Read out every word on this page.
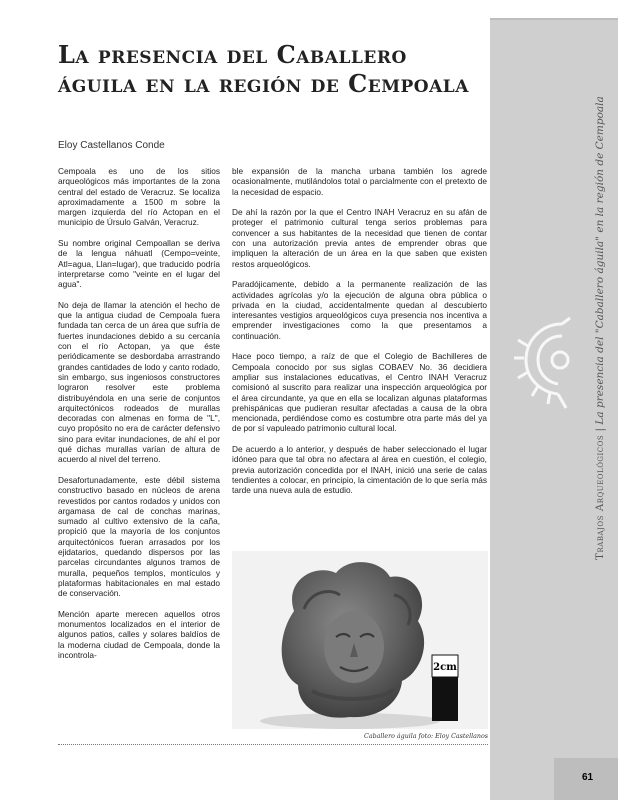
Trabajos Arqueológicos | La presencia del "Caballero águila" en la región de Cempoala
La presencia del Caballero águila en la región de Cempoala
Eloy Castellanos Conde

Cempoala es uno de los sitios arqueológicos más importantes de la zona central del estado de Veracruz. Se localiza aproximadamente a 1500 m sobre la margen izquierda del río Actopan en el municipio de Úrsulo Galván, Veracruz.

Su nombre original Cempoallan se deriva de la lengua náhuatl (Cempo=veinte, Atl=agua, Llan=lugar), que traducido podría interpretarse como "veinte en el lugar del agua".

No deja de llamar la atención el hecho de que la antigua ciudad de Cempoala fuera fundada tan cerca de un área que sufría de fuertes inundaciones debido a su cercanía con el río Actopan, ya que éste periódicamente se desbordaba arrastrando grandes cantidades de lodo y canto rodado, sin embargo, sus ingeniosos constructores lograron resolver este problema distribuyéndola en una serie de conjuntos arquitectónicos rodeados de murallas decoradas con almenas en forma de "L", cuyo propósito no era de carácter defensivo sino para evitar inundaciones, de ahí el por qué dichas murallas varían de altura de acuerdo al nivel del terreno.

Desafortunadamente, este débil sistema constructivo basado en núcleos de arena revestidos por cantos rodados y unidos con argamasa de cal de conchas marinas, sumado al cultivo extensivo de la caña, propició que la mayoría de los conjuntos arquitectónicos fueran arrasados por los ejidatarios, quedando dispersos por las parcelas circundantes algunos tramos de muralla, pequeños templos, montículos y plataformas habitacionales en mal estado de conservación.

Mención aparte merecen aquellos otros monumentos localizados en el interior de algunos patios, calles y solares baldíos de la moderna ciudad de Cempoala, donde la incontrola-

ble expansión de la mancha urbana también los agrede ocasionalmente, mutilándolos total o parcialmente con el pretexto de la necesidad de espacio.

De ahí la razón por la que el Centro INAH Veracruz en su afán de proteger el patrimonio cultural tenga serios problemas para convencer a sus habitantes de la necesidad que tienen de contar con una autorización previa antes de emprender obras que impliquen la alteración de un área en la que saben que existen restos arqueológicos.

Paradójicamente, debido a la permanente realización de las actividades agrícolas y/o la ejecución de alguna obra pública o privada en la ciudad, accidentalmente quedan al descubierto interesantes vestigios arqueológicos cuya presencia nos incentiva a emprender investigaciones como la que presentamos a continuación.

Hace poco tiempo, a raíz de que el Colegio de Bachilleres de Cempoala conocido por sus siglas COBAEV No. 36 decidiera ampliar sus instalaciones educativas, el Centro INAH Veracruz comisionó al suscrito para realizar una inspección arqueológica por el área circundante, ya que en ella se localizan algunas plataformas prehispánicas que pudieran resultar afectadas a causa de la obra mencionada, perdiéndose como es costumbre otra parte más del ya de por sí vapuleado patrimonio cultural local.

De acuerdo a lo anterior, y después de haber seleccionado el lugar idóneo para que tal obra no afectara al área en cuestión, el colegio, previa autorización concedida por el INAH, inició una serie de calas tendientes a colocar, en principio, la cimentación de lo que sería más tarde una nueva aula de estudio.

2cm
Caballero águila foto: Eloy Castellanos
61
